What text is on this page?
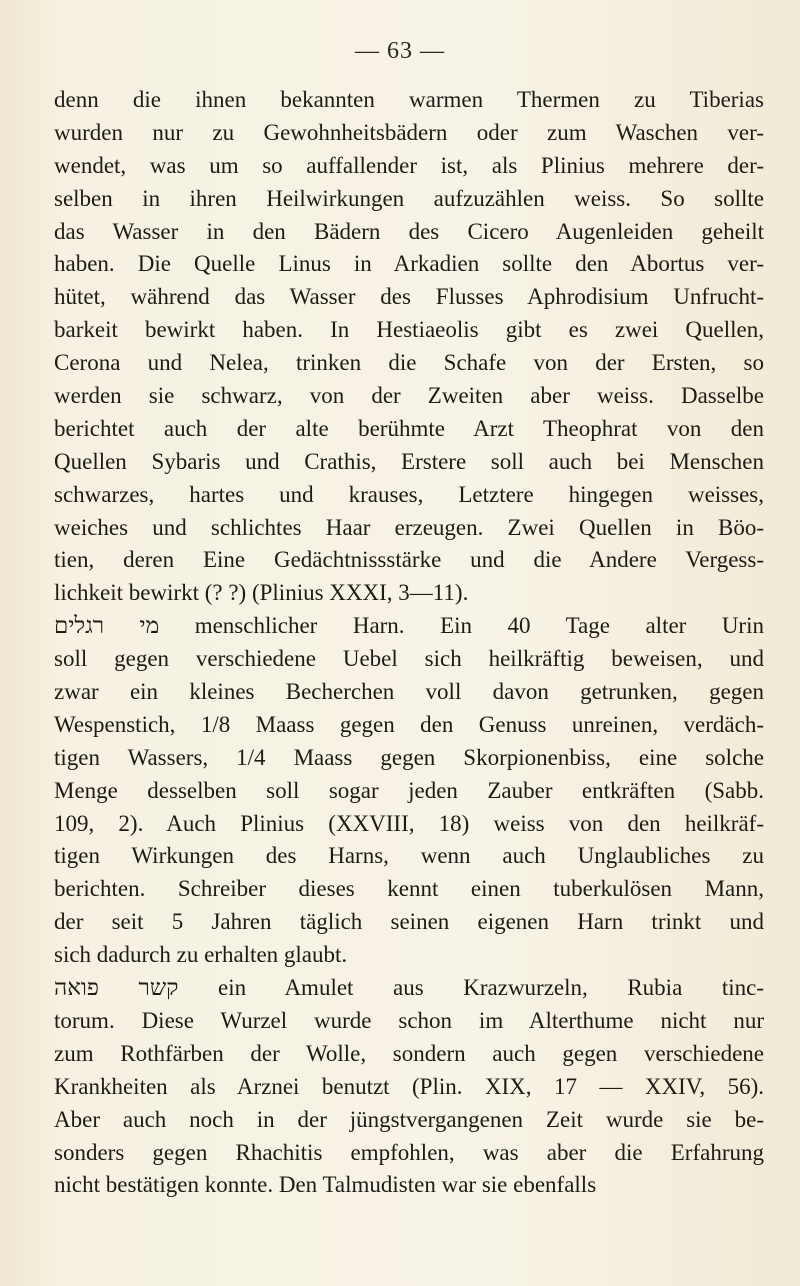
— 63 —
denn die ihnen bekannten warmen Thermen zu Tiberias
wurden nur zu Gewohnheitsbädern oder zum Waschen ver-
wendet, was um so auffallender ist, als Plinius mehrere der-
selben in ihren Heilwirkungen aufzuzählen weiss. So sollte
das Wasser in den Bädern des Cicero Augenleiden geheilt
haben. Die Quelle Linus in Arkadien sollte den Abortus ver-
hütet, während das Wasser des Flusses Aphrodisium Unfrucht-
barkeit bewirkt haben. In Hestiaeolis gibt es zwei Quellen,
Cerona und Nelea, trinken die Schafe von der Ersten, so
werden sie schwarz, von der Zweiten aber weiss. Dasselbe
berichtet auch der alte berühmte Arzt Theophrat von den
Quellen Sybaris und Crathis, Erstere soll auch bei Menschen
schwarzes, hartes und krauses, Letztere hingegen weisses,
weiches und schlichtes Haar erzeugen. Zwei Quellen in Böo-
tien, deren Eine Gedächtnissstärke und die Andere Vergess-
lichkeit bewirkt (? ?) (Plinius XXXI, 3—11).
מי רגלים menschlicher Harn. Ein 40 Tage alter Urin
soll gegen verschiedene Uebel sich heilkräftig beweisen, und
zwar ein kleines Becherchen voll davon getrunken, gegen
Wespenstich, 1/8 Maass gegen den Genuss unreinen, verdäch-
tigen Wassers, 1/4 Maass gegen Skorpionenbiss, eine solche
Menge desselben soll sogar jeden Zauber entkräften (Sabb.
109, 2). Auch Plinius (XXVIII, 18) weiss von den heilkräf-
tigen Wirkungen des Harns, wenn auch Unglaubliches zu
berichten. Schreiber dieses kennt einen tuberkulösen Mann,
der seit 5 Jahren täglich seinen eigenen Harn trinkt und
sich dadurch zu erhalten glaubt.
קשר פואה ein Amulet aus Krazwurzeln, Rubia tinc-
torum. Diese Wurzel wurde schon im Alterthume nicht nur
zum Rothfärben der Wolle, sondern auch gegen verschiedene
Krankheiten als Arznei benutzt (Plin. XIX, 17 — XXIV, 56).
Aber auch noch in der jüngstvergangenen Zeit wurde sie be-
sonders gegen Rhachitis empfohlen, was aber die Erfahrung
nicht bestätigen konnte. Den Talmudisten war sie ebenfalls
